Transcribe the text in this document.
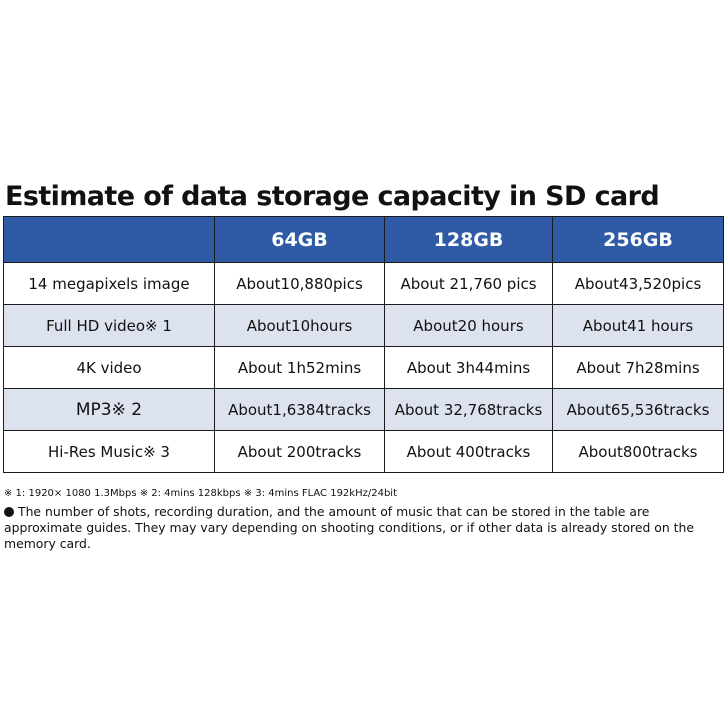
Estimate of data storage capacity in SD card
	64GB	128GB	256GB
14 megapixels image	About10,880pics	About 21,760 pics	About43,520pics
Full HD video※ 1	About10hours	About20 hours	About41 hours
4K video	About 1h52mins	About 3h44mins	About 7h28mins
MP3※ 2	About1,6384tracks	About 32,768tracks	About65,536tracks
Hi-Res Music※ 3	About 200tracks	About 400tracks	About800tracks
※ 1: 1920× 1080 1.3Mbps ※ 2: 4mins 128kbps ※ 3: 4mins FLAC 192kHz/24bit
The number of shots, recording duration, and the amount of music that can be stored in the table are approximate guides. They may vary depending on shooting conditions, or if other data is already stored on the memory card.
